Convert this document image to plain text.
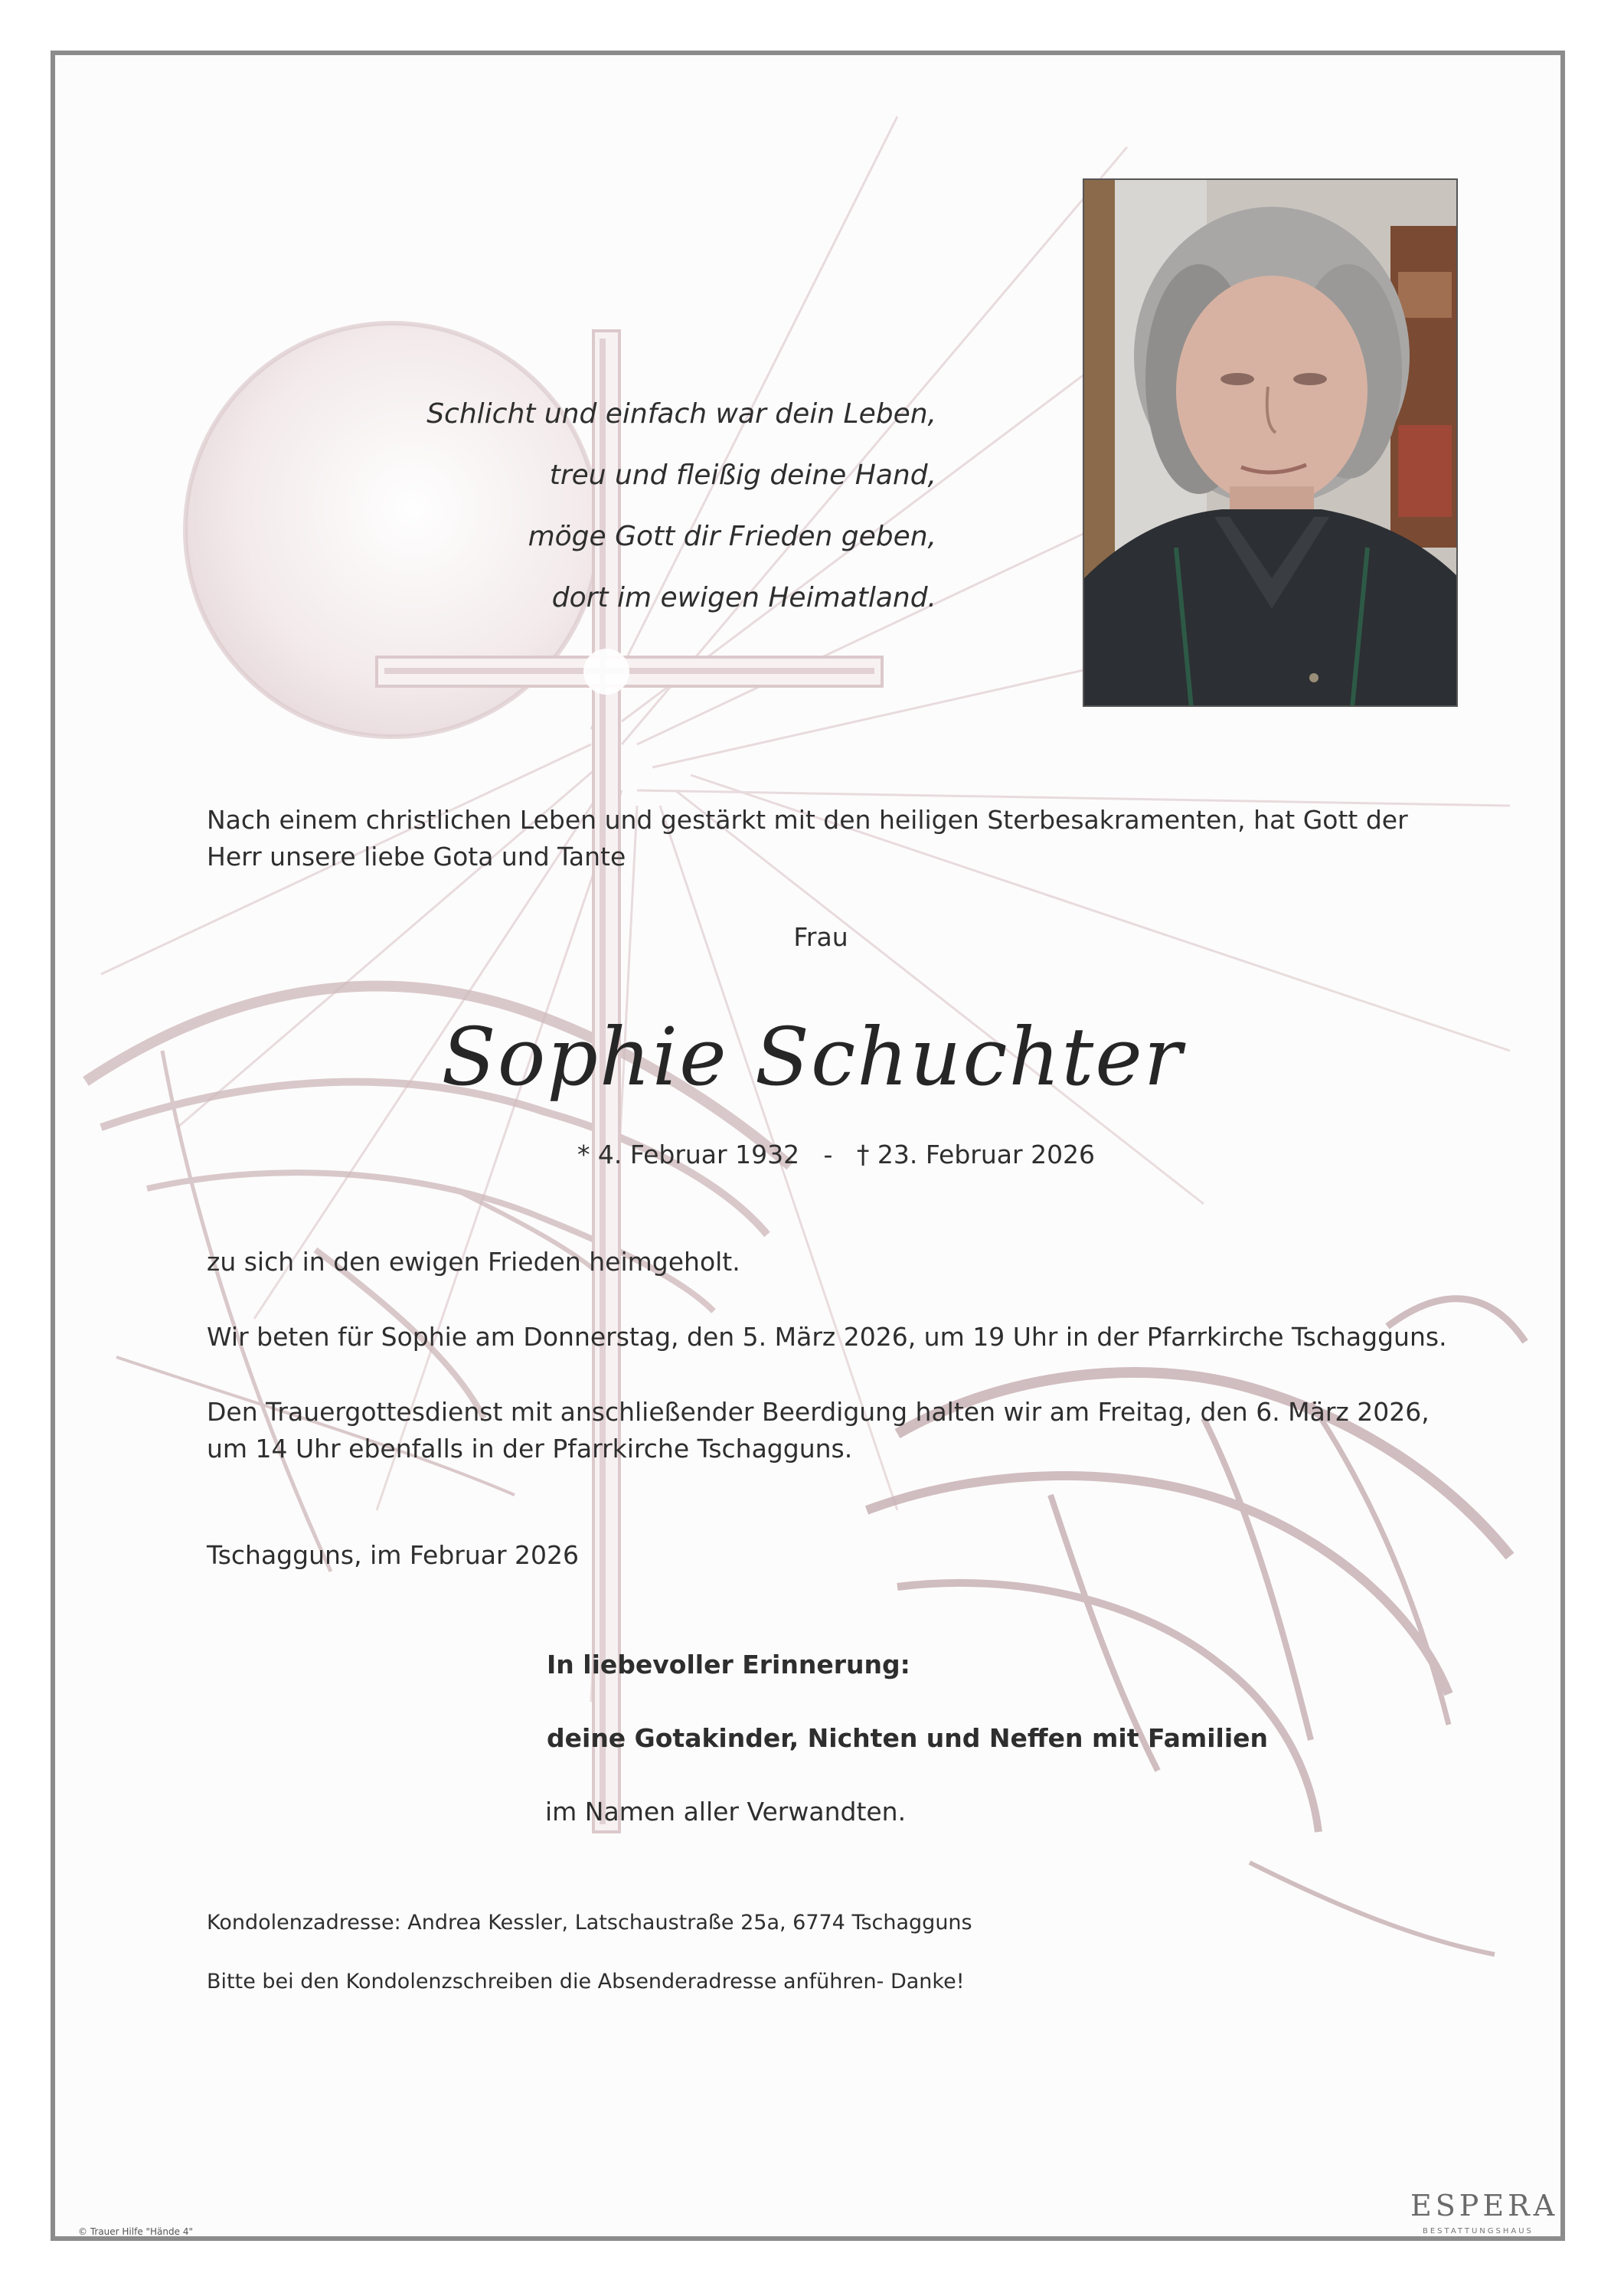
Schlicht und einfach war dein Leben,
treu und fleißig deine Hand,
möge Gott dir Frieden geben,
dort im ewigen Heimatland.
Nach einem christlichen Leben und gestärkt mit den heiligen Sterbesakramenten, hat Gott der
Herr unsere liebe Gota und Tante
Frau
Sophie Schuchter
* 4. Februar 1932   -   † 23. Februar 2026
zu sich in den ewigen Frieden heimgeholt.
Wir beten für Sophie am Donnerstag, den 5. März 2026, um 19 Uhr in der Pfarrkirche Tschagguns.
Den Trauergottesdienst mit anschließender Beerdigung halten wir am Freitag, den 6. März 2026,
um 14 Uhr ebenfalls in der Pfarrkirche Tschagguns.
Tschagguns, im Februar 2026
In liebevoller Erinnerung:
deine Gotakinder, Nichten und Neffen mit Familien
im Namen aller Verwandten.
Kondolenzadresse: Andrea Kessler, Latschaustraße 25a, 6774 Tschagguns
Bitte bei den Kondolenzschreiben die Absenderadresse anführen- Danke!
© Trauer Hilfe "Hände 4"
ESPERA
BESTATTUNGSHAUS
